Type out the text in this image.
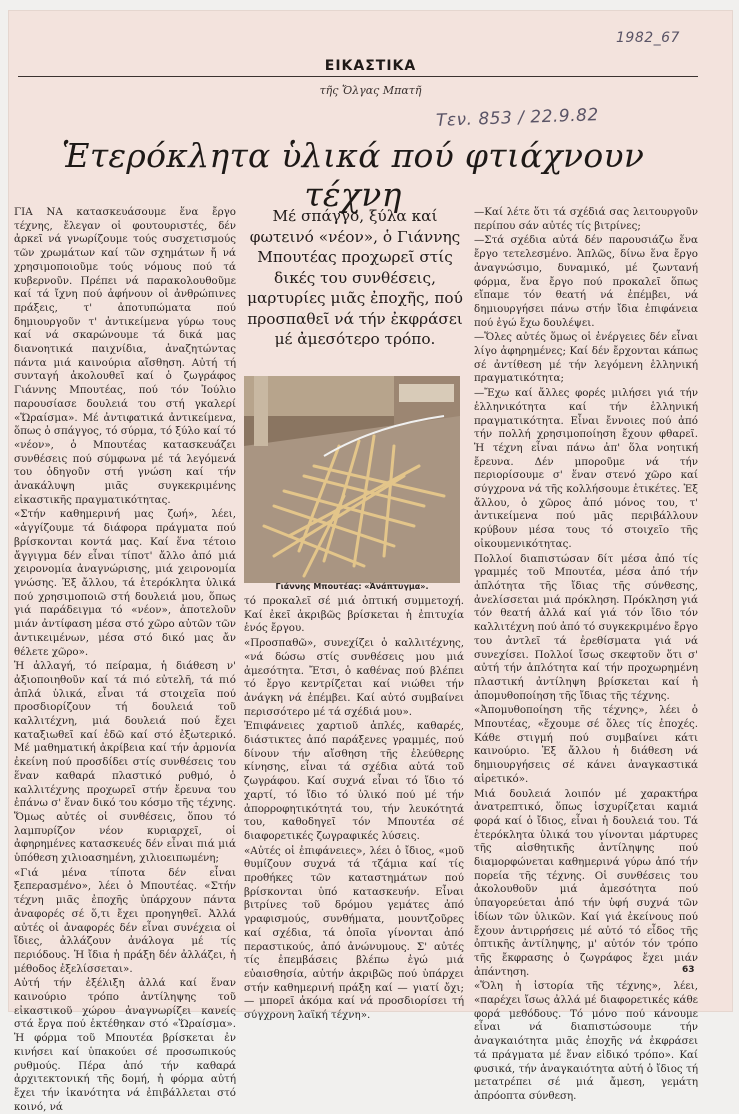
1982_67
Τεν. 853 / 22.9.82
ΕΙΚΑΣΤΙΚΑ
τῆς Ὄλγας Μπατῆ
Ἑτερόκλητα ὑλικά πού φτιάχνουν τέχνη

ΓΙΑ ΝΑ κατασκευάσουμε ἕνα ἔργο τέχνης, ἔλεγαν οἱ φουτουριστές, δέν ἀρκεῖ νά γνωρίζουμε τούς συσχετισμούς τῶν χρωμάτων καί τῶν σχημάτων ἤ νά χρησιμοποιοῦμε τούς νόμους πού τά κυβερνοῦν. Πρέπει νά παρακολουθοῦμε καί τά ἴχνη πού ἀφήνουν οἱ ἀνθρώπινες πράξεις, τ' ἀποτυπώματα πού δημιουργοῦν τ' ἀντικείμενα γύρω τους καί νά σκαρώνουμε τά δικά μας διανοητικά παιχνίδια, ἀναζητώντας πάντα μιά καινούρια αἴσθηση. Αὐτή τή συνταγή ἀκολουθεῖ καί ὁ ζωγράφος Γιάννης Μπουτέας, πού τόν Ἰούλιο παρουσίασε δουλειά του στή γκαλερί «Ὥραίσμα». Μέ ἀντιφατικά ἀντικείμενα, ὅπως ὁ σπάγγος, τό σύρμα, τό ξύλο καί τό «νέον», ὁ Μπουτέας κατασκευάζει συνθέσεις πού σύμφωνα μέ τά λεγόμενά του ὁδηγοῦν στή γνώση καί τήν ἀνακάλυψη μιᾶς συγκεκριμένης εἰκαστικῆς πραγματικότητας.

«Στήν καθημερινή μας ζωή», λέει, «ἀγγίζουμε τά διάφορα πράγματα πού βρίσκονται κοντά μας. Καί ἕνα τέτοιο ἄγγιγμα δέν εἶναι τίποτ' ἄλλο ἀπό μιά χειρονομία ἀναγνώρισης, μιά χειρονομία γνώσης. Ἐξ ἄλλου, τά ἑτερόκλητα ὑλικά πού χρησιμοποιῶ στή δουλειά μου, ὅπως γιά παράδειγμα τό «νέον», ἀποτελοῦν μιάν ἀντίφαση μέσα στό χῶρο αὐτῶν τῶν ἀντικειμένων, μέσα στό δικό μας ἄν θέλετε χῶρο».

Ἡ ἀλλαγή, τό πείραμα, ἡ διάθεση ν' ἀξιοποιηθοῦν καί τά πιό εὐτελῆ, τά πιό ἁπλά ὑλικά, εἶναι τά στοιχεῖα πού προσδιορίζουν τή δουλειά τοῦ καλλιτέχνη, μιά δουλειά πού ἔχει καταξιωθεῖ καί ἐδῶ καί στό ἐξωτερικό. Μέ μαθηματική ἀκρίβεια καί τήν ἁρμονία ἐκείνη πού προσδίδει στίς συνθέσεις του ἕναν καθαρά πλαστικό ρυθμό, ὁ καλλιτέχνης προχωρεῖ στήν ἔρευνα του ἐπάνω σ' ἕναν δικό του κόσμο τῆς τέχνης. Ὅμως αὐτές οἱ συνθέσεις, ὅπου τό λαμπυρίζον νέον κυριαρχεῖ, οἱ ἀφηρημένες κατασκευές δέν εἶναι πιά μιά ὑπόθεση χιλιοασημένη, χιλιοειπωμένη;

«Γιά μένα τίποτα δέν εἶναι ξεπερασμένο», λέει ὁ Μπουτέας. «Στήν τέχνη μιᾶς ἐποχῆς ὑπάρχουν πάντα ἀναφορές σέ ὅ,τι ἔχει προηγηθεῖ. Ἀλλά αὐτές οἱ ἀναφορές δέν εἶναι συνέχεια οἱ ἴδιες, ἀλλάζουν ἀνάλογα μέ τίς περιόδους. Ἡ ἴδια ἡ πράξη δέν ἀλλάζει, ἡ μέθοδος ἐξελίσσεται».

Αὐτή τήν ἐξέλιξη ἀλλά καί ἕναν καινούριο τρόπο ἀντίληψης τοῦ εἰκαστικοῦ χώρου ἀναγνωρίζει κανείς στά ἔργα πού ἐκτέθηκαν στό «Ὥραίσμα». Ἡ φόρμα τοῦ Μπουτέα βρίσκεται ἐν κινήσει καί ὑπακούει σέ προσωπικούς ρυθμούς. Πέρα ἀπό τήν καθαρά ἀρχιτεκτονική τῆς δομή, ἡ φόρμα αὐτή ἔχει τήν ἱκανότητα νά ἐπιβάλλεται στό κοινό, νά

Μέ σπάγγο, ξύλα καί φωτεινό «νέον», ὁ Γιάννης Μπουτέας προχωρεῖ στίς δικές του συνθέσεις, μαρτυρίες μιᾶς ἐποχῆς, πού προσπαθεῖ νά τήν ἐκφράσει μέ ἀμεσότερο τρόπο.
Γιάννης Μπουτέας: «Ἀνάπτυγμα».

τό προκαλεῖ σέ μιά ὀπτική συμμετοχή. Καί ἐκεῖ ἀκριβῶς βρίσκεται ἡ ἐπιτυχία ἑνός ἔργου.

«Προσπαθῶ», συνεχίζει ὁ καλλιτέχνης, «νά δώσω στίς συνθέσεις μου μιά ἀμεσότητα. Ἔτσι, ὁ καθένας πού βλέπει τό ἔργο κεντρίζεται καί νιώθει τήν ἀνάγκη νά ἐπέμβει. Καί αὐτό συμβαίνει περισσότερο μέ τά σχέδιά μου».

Ἐπιφάνειες χαρτιοῦ ἁπλές, καθαρές, διάστικτες ἀπό παράξενες γραμμές, πού δίνουν τήν αἴσθηση τῆς ἐλεύθερης κίνησης, εἶναι τά σχέδια αὐτά τοῦ ζωγράφου. Καί συχνά εἶναι τό ἴδιο τό χαρτί, τό ἴδιο τό ὑλικό πού μέ τήν ἀπορροφητικότητά του, τήν λευκότητά του, καθοδηγεῖ τόν Μπουτέα σέ διαφορετικές ζωγραφικές λύσεις.

«Αὐτές οἱ ἐπιφάνειες», λέει ὁ ἴδιος, «μοῦ θυμίζουν συχνά τά τζάμια καί τίς προθήκες τῶν καταστημάτων πού βρίσκονται ὑπό κατασκευήν. Εἶναι βιτρίνες τοῦ δρόμου γεμάτες ἀπό γραφισμούς, συνθήματα, μουντζοῦρες καί σχέδια, τά ὁποῖα γίνονται ἀπό περαστικούς, ἀπό ἀνώνυμους. Σ' αὐτές τίς ἐπεμβάσεις βλέπω ἐγώ μιά εὐαισθησία, αὐτήν ἀκριβῶς πού ὑπάρχει στήν καθημερινή πράξη καί — γιατί ὄχι; — μπορεῖ ἀκόμα καί νά προσδιορίσει τή σύγχρονη λαϊκή τέχνη».

—Καί λέτε ὅτι τά σχέδιά σας λειτουργοῦν περίπου σάν αὐτές τίς βιτρίνες;

—Στά σχέδια αὐτά δέν παρουσιάζω ἕνα ἔργο τετελεσμένο. Ἁπλῶς, δίνω ἕνα ἔργο ἀναγνώσιμο, δυναμικό, μέ ζωντανή φόρμα, ἕνα ἔργο πού προκαλεῖ ὅπως εἴπαμε τόν θεατή νά ἐπέμβει, νά δημιουργήσει πάνω στήν ἴδια ἐπιφάνεια πού ἐγώ ἔχω δουλέψει.

—Ὅλες αὐτές ὅμως οἱ ἐνέργειες δέν εἶναι λίγο ἀφηρημένες; Καί δέν ἔρχονται κάπως σέ ἀντίθεση μέ τήν λεγόμενη ἑλληνική πραγματικότητα;

—Ἔχω καί ἄλλες φορές μιλήσει γιά τήν ἑλληνικότητα καί τήν ἑλληνική πραγματικότητα. Εἶναι ἔννοιες πού ἀπό τήν πολλή χρησιμοποίηση ἔχουν φθαρεῖ. Ἡ τέχνη εἶναι πάνω ἀπ' ὅλα νοητική ἔρευνα. Δέν μποροῦμε νά τήν περιορίσουμε σ' ἕναν στενό χῶρο καί σύγχρονα νά τῆς κολλήσουμε ἐτικέτες. Ἐξ ἄλλου, ὁ χῶρος ἀπό μόνος του, τ' ἀντικείμενα πού μᾶς περιβάλλουν κρύβουν μέσα τους τό στοιχεῖο τῆς οἰκουμενικότητας.

Πολλοί διαπιστώσαν δίτ μέσα ἀπό τίς γραμμές τοῦ Μπουτέα, μέσα ἀπό τήν ἁπλότητα τῆς ἴδιας τῆς σύνθεσης, ἀνελίσσεται μιά πρόκληση. Πρόκληση γιά τόν θεατή ἀλλά καί γιά τόν ἴδιο τόν καλλιτέχνη πού ἀπό τό συγκεκριμένο ἔργο του ἀντλεῖ τά ἐρεθίσματα γιά νά συνεχίσει. Πολλοί ἴσως σκεφτοῦν ὅτι σ' αὐτή τήν ἁπλότητα καί τήν προχωρημένη πλαστική ἀντίληψη βρίσκεται καί ἡ ἀπομυθοποίηση τῆς ἴδιας τῆς τέχνης.

«Ἀπομυθοποίηση τῆς τέχνης», λέει ὁ Μπουτέας, «ἔχουμε σέ ὅλες τίς ἐποχές. Κάθε στιγμή πού συμβαίνει κάτι καινούριο. Ἐξ ἄλλου ἡ διάθεση νά δημιουργήσεις σέ κάνει ἀναγκαστικά αἱρετικό».

Μιά δουλειά λοιπόν μέ χαρακτήρα ἀνατρεπτικό, ὅπως ἰσχυρίζεται καμιά φορά καί ὁ ἴδιος, εἶναι ἡ δουλειά του. Τά ἑτερόκλητα ὑλικά του γίνονται μάρτυρες τῆς αἰσθητικῆς ἀντίληψης πού διαμορφώνεται καθημερινά γύρω ἀπό τήν πορεία τῆς τέχνης. Οἱ συνθέσεις του ἀκολουθοῦν μιά ἀμεσότητα πού ὑπαγορεύεται ἀπό τήν ὑφή συχνά τῶν ἰδίων τῶν ὑλικῶν. Καί γιά ἐκείνους πού ἔχουν ἀντιρρήσεις μέ αὐτό τό εἶδος τῆς ὀπτικῆς ἀντίληψης, μ' αὐτόν τόν τρόπο τῆς ἔκφρασης ὁ ζωγράφος ἔχει μιάν ἀπάντηση.

«Ὅλη ἡ ἱστορία τῆς τέχνης», λέει, «παρέχει ἴσως ἀλλά μέ διαφορετικές κάθε φορά μεθόδους. Τό μόνο πού κάνουμε εἶναι νά διαπιστώσουμε τήν ἀναγκαιότητα μιᾶς ἐποχῆς νά ἐκφράσει τά πράγματα μέ ἕναν εἰδικό τρόπο». Καί φυσικά, τήν ἀναγκαιότητα αὐτή ὁ ἴδιος τή μετατρέπει σέ μιά ἄμεση, γεμάτη ἀπρόοπτα σύνθεση.

63
